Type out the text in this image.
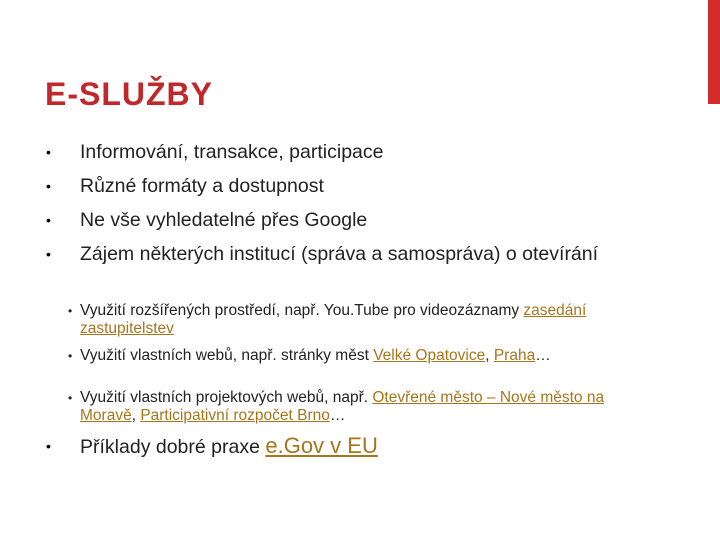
E-SLUŽBY
• Informování, transakce, participace
• Různé formáty a dostupnost
• Ne vše vyhledatelné přes Google
• Zájem některých institucí (správa a samospráva) o otevírání
• Využití rozšířených prostředí, např. You.Tube pro videozáznamy zasedání zastupitelstev
• Využití vlastních webů, např. stránky měst Velké Opatovice, Praha…
• Využití vlastních projektových webů, např. Otevřené město – Nové město na Moravě, Participativní rozpočet Brno…
• Příklady dobré praxe e.Gov v EU
